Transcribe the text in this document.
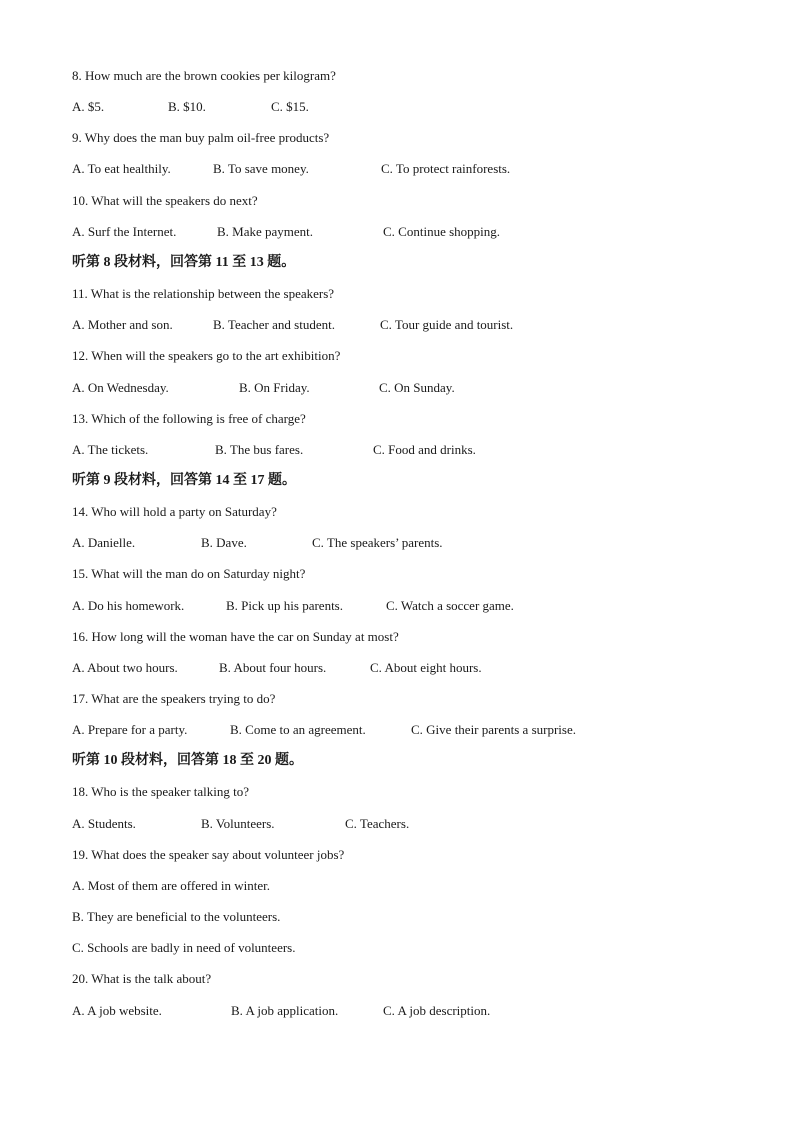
8. How much are the brown cookies per kilogram?
A. $5.	B. $10.	C. $15.
9. Why does the man buy palm oil-free products?
A. To eat healthily.	B. To save money.	C. To protect rainforests.
10. What will the speakers do next?
A. Surf the Internet.	B. Make payment.	C. Continue shopping.
听第 8 段材料，回答第 11 至 13 题。
11. What is the relationship between the speakers?
A. Mother and son.	B. Teacher and student.	C. Tour guide and tourist.
12. When will the speakers go to the art exhibition?
A. On Wednesday.	B. On Friday.	C. On Sunday.
13. Which of the following is free of charge?
A. The tickets.	B. The bus fares.	C. Food and drinks.
听第 9 段材料，回答第 14 至 17 题。
14. Who will hold a party on Saturday?
A. Danielle.	B. Dave.	C. The speakers’ parents.
15. What will the man do on Saturday night?
A. Do his homework.	B. Pick up his parents.	C. Watch a soccer game.
16. How long will the woman have the car on Sunday at most?
A. About two hours.	B. About four hours.	C. About eight hours.
17. What are the speakers trying to do?
A. Prepare for a party.	B. Come to an agreement.	C. Give their parents a surprise.
听第 10 段材料，回答第 18 至 20 题。
18. Who is the speaker talking to?
A. Students.	B. Volunteers.	C. Teachers.
19. What does the speaker say about volunteer jobs?
A. Most of them are offered in winter.
B. They are beneficial to the volunteers.
C. Schools are badly in need of volunteers.
20. What is the talk about?
A. A job website.	B. A job application.	C. A job description.
